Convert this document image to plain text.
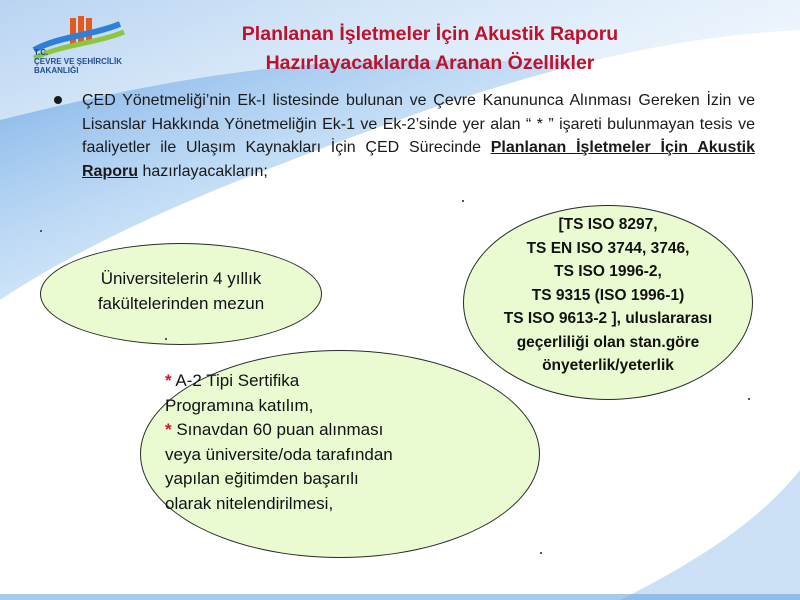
T.C.
ÇEVRE VE ŞEHİRCİLİK
BAKANLIĞI
Planlanan İşletmeler İçin Akustik Raporu
Hazırlayacaklarda Aranan Özellikler
ÇED Yönetmeliği’nin Ek-I listesinde bulunan ve Çevre Kanununca Alınması Gereken İzin ve Lisanslar Hakkında Yönetmeliğin Ek-1 ve Ek-2’sinde yer alan “ * ” işareti bulunmayan tesis ve faaliyetler ile Ulaşım Kaynakları İçin ÇED Sürecinde Planlanan İşletmeler İçin Akustik Raporu hazırlayacakların;
Üniversitelerin 4 yıllık
fakültelerinden mezun
[TS ISO 8297,
TS EN ISO 3744, 3746,
TS ISO 1996-2,
TS 9315 (ISO 1996-1)
TS ISO 9613-2 ], uluslararası
geçerliliği olan stan.göre
önyeterlik/yeterlik
* A-2 Tipi Sertifika
Programına katılım,
* Sınavdan 60 puan alınması
veya üniversite/oda tarafından
yapılan eğitimden başarılı
olarak nitelendirilmesi,
